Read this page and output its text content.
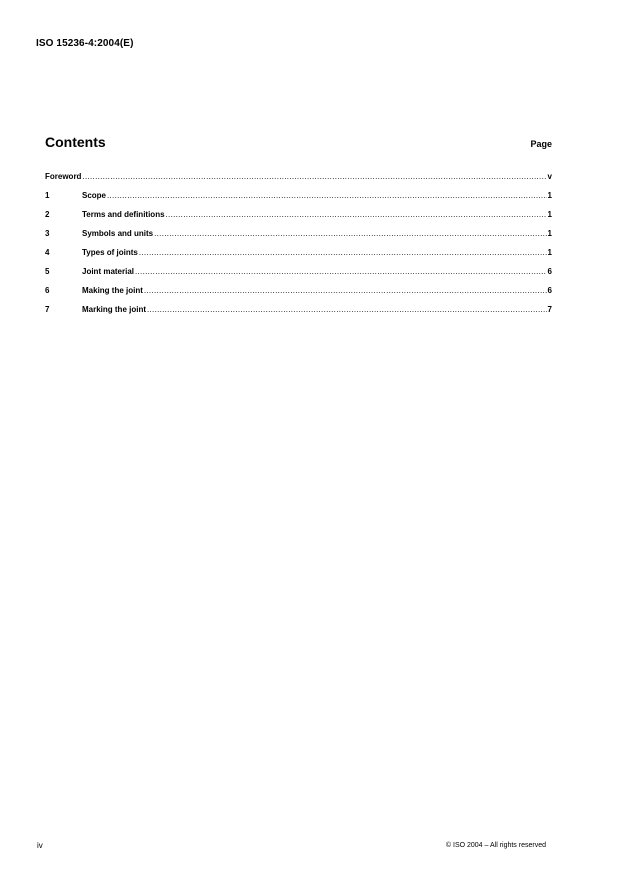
ISO 15236-4:2004(E)
Contents	Page
Foreword .....	v
1	Scope .....	1
2	Terms and definitions .....	1
3	Symbols and units .....	1
4	Types of joints .....	1
5	Joint material .....	6
6	Making the joint .....	6
7	Marking the joint .....	7
iv	© ISO 2004 – All rights reserved
